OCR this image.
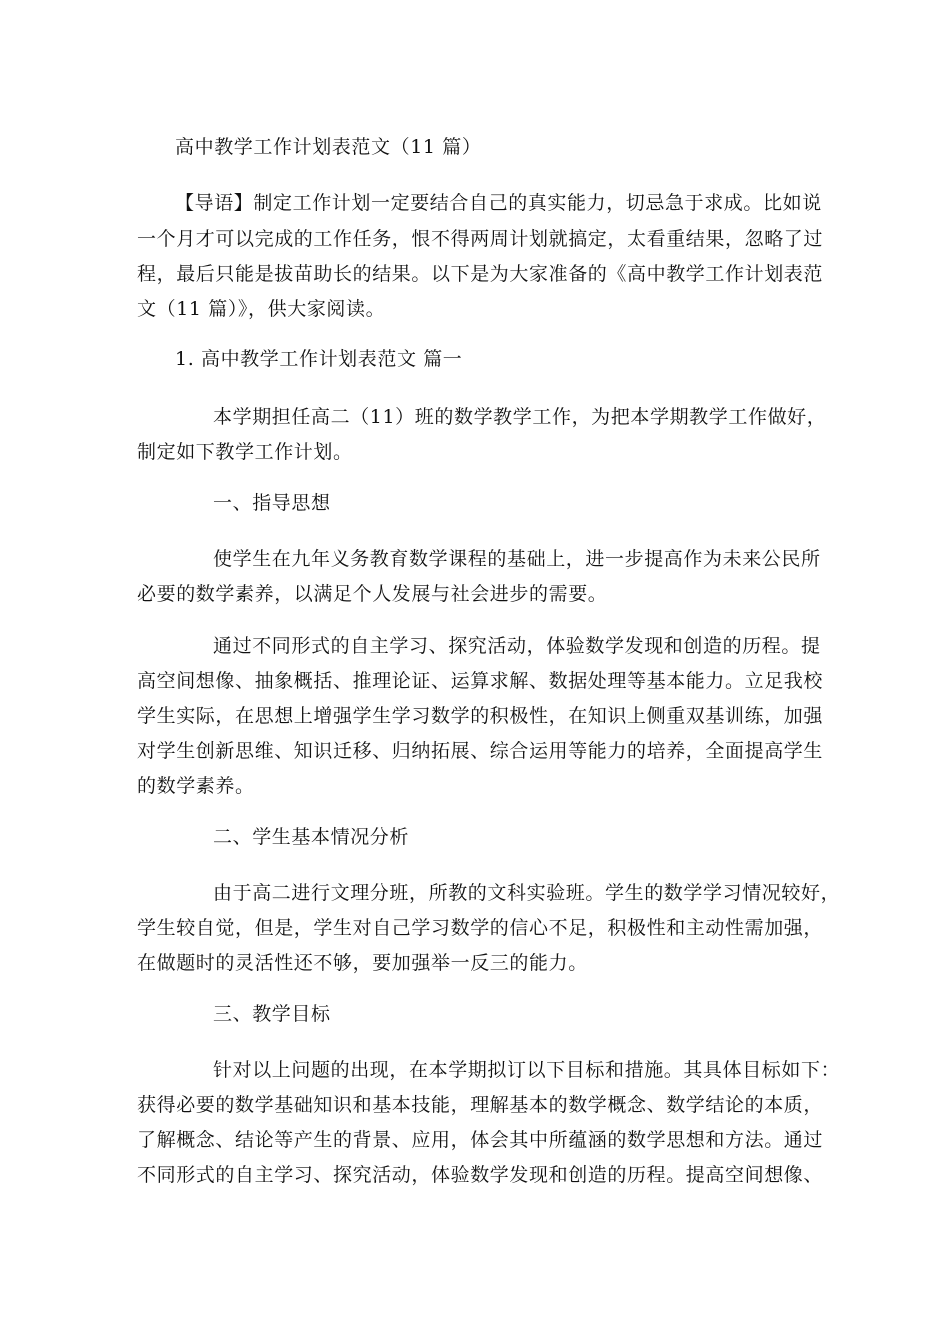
高中教学工作计划表范文（11 篇）
【导语】制定工作计划一定要结合自己的真实能力，切忌急于求成。比如说
一个月才可以完成的工作任务，恨不得两周计划就搞定，太看重结果，忽略了过
程，最后只能是拔苗助长的结果。以下是为大家准备的《高中教学工作计划表范
文（11 篇）》，供大家阅读。
1. 高中教学工作计划表范文 篇一
本学期担任高二（11）班的数学教学工作，为把本学期教学工作做好，
制定如下教学工作计划。
一、指导思想
使学生在九年义务教育数学课程的基础上，进一步提高作为未来公民所
必要的数学素养，以满足个人发展与社会进步的需要。
通过不同形式的自主学习、探究活动，体验数学发现和创造的历程。提
高空间想像、抽象概括、推理论证、运算求解、数据处理等基本能力。立足我校
学生实际，在思想上增强学生学习数学的积极性，在知识上侧重双基训练，加强
对学生创新思维、知识迁移、归纳拓展、综合运用等能力的培养，全面提高学生
的数学素养。
二、学生基本情况分析
由于高二进行文理分班，所教的文科实验班。学生的数学学习情况较好，
学生较自觉，但是，学生对自己学习数学的信心不足，积极性和主动性需加强，
在做题时的灵活性还不够，要加强举一反三的能力。
三、教学目标
针对以上问题的出现，在本学期拟订以下目标和措施。其具体目标如下：
获得必要的数学基础知识和基本技能，理解基本的数学概念、数学结论的本质，
了解概念、结论等产生的背景、应用，体会其中所蕴涵的数学思想和方法。通过
不同形式的自主学习、探究活动，体验数学发现和创造的历程。提高空间想像、
